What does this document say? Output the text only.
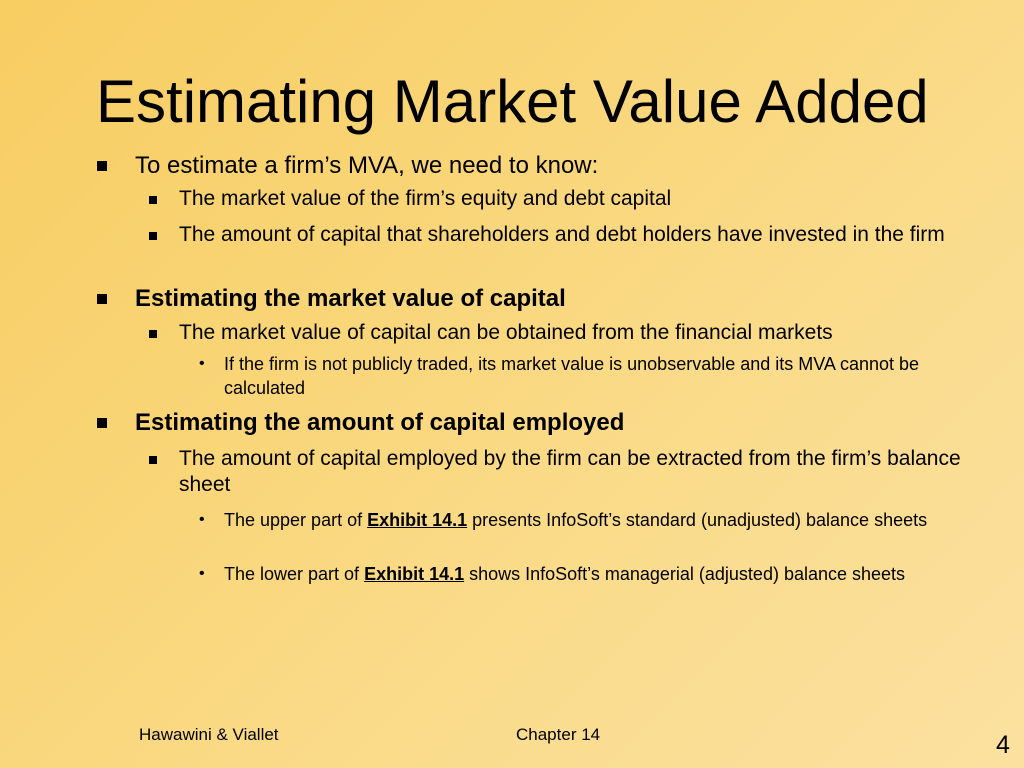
Estimating Market Value Added
To estimate a firm’s MVA, we need to know:
The market value of the firm’s equity and debt capital
The amount of capital that shareholders and debt holders have invested in the firm
Estimating the market value of capital
The market value of capital can be obtained from the financial markets
• If the firm is not publicly traded, its market value is unobservable and its MVA cannot be calculated
Estimating the amount of capital employed
The amount of capital employed by the firm can be extracted from the firm’s balance sheet
• The upper part of Exhibit 14.1 presents InfoSoft’s standard (unadjusted) balance sheets
• The lower part of Exhibit 14.1 shows InfoSoft’s managerial (adjusted) balance sheets
Hawawini & Viallet	Chapter 14	4
